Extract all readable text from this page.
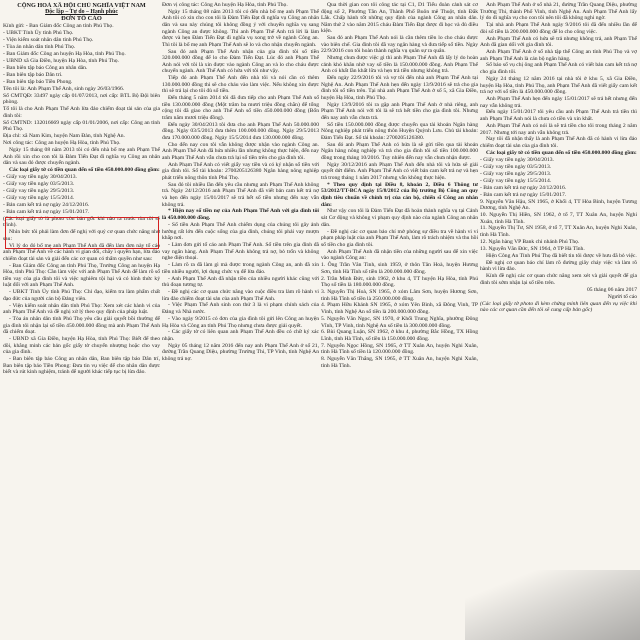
CỘNG HOÀ XÃ HỘI CHỦ NGHĨA VIỆT NAM

Độc lập – Tự do – Hạnh phúc

ĐƠN TỐ CÁO

Kính gửi: - Ban Giám đốc Công an tỉnh Phú Thọ.

- UBKT Tỉnh Ủy tỉnh Phú Thọ.

- Viện kiểm soát nhân dân tỉnh Phú Thọ.

- Tòa án nhân dân tỉnh Phú Thọ.

- Ban Giám đốc Công an huyện Hạ Hòa, tỉnh Phú Thọ.

- UBND xã Gia Điền, huyện Hạ Hòa, tỉnh Phú Thọ.

- Ban biên tập báo Công an nhân dân.

- Ban biên tập báo Dân trí.

- Ban biên tập báo Tiền Phong.

Tên tôi là: Anh Phạm Thế Anh, sinh ngày 26/03/1966.

Số CMTQĐ: 33497 ngày cấp 01/07/2013, nơi cấp: BTL Bộ Đội biên phòng.

Tố tôi là cho Anh Phạm Thế Anh lừa đảo chiếm đoạt tài sản của gia đình tôi:

Số CMTND: 132016669 ngày cấp 01/01/2006, nơi cấp: Công an tỉnh Phú Thọ.

Địa chỉ: xã Nam Kim, huyện Nam Đàn, tỉnh Nghệ An.

Nơi công tác: Công an huyện Hạ Hòa, tỉnh Phú Thọ.

Ngày 15 tháng 08 năm 2013 tôi có đến nhà bố mẹ anh Phạm Thế Anh rồi xin cho con tôi là Đàm Tiến Đạt đi nghĩa vụ Công an nhân dân và sau đó được chuyển ngành.

Các loại giấy tờ có tiền quan đến số tiền 450.000.000 đồng gồm:

- Giấy vay tiền ngày 30/04/2013.

- Giấy vay tiền ngày 03/5/2013.

- Giấy vay tiền ngày 29/5/2013.

- Giấy vay tiền ngày 15/5/2014.

- Bản cam kết trả nợ ngày 24/12/2016.

- Bản cam kết trả nợ ngày 15/01/2017.

(Các loại giấy tờ là photo còn bản gốc khi nào ra trước tòa tôi sẽ trình).

Nhìn bức tôi phải làm đơn để nghị với quý cơ quan chức năng như sau:

Vì lý do đó bố mẹ anh Phạm Thế Anh đã đến làm đơn này tố cáo anh Phạm Thế Anh về các hành vi gian dối, chây ì quyền hạn, lừa đảo chiếm đoạt tài sản và giải đến các cơ quan có thẩm quyền như sau:

- Ban Giám đốc Công an tỉnh Phú Thọ, Trưởng Công an huyện Hạ Hòa, tỉnh Phú Thọ: Cần làm việc với anh Phạm Thế Anh để làm rõ số tiền vay của gia đình tôi và việc nghiêm tội hại và có hình thức kỷ luật đối với anh Phạm Thế Anh.

- UBKT Tỉnh Ủy tỉnh Phú Thọ: Chỉ đạo, kiểm tra làm phẩm chất đạo đức của người cán bộ Đảng viên.

- Viện kiểm soát nhân dân tỉnh Phú Thọ: Xem xét các hành vi của anh Phạm Thế Anh và đề nghị xử lý theo quy định của pháp luật.

- Tòa án nhân dân tỉnh Phú Thọ yêu cầu giải quyết bồi thường để gia đình tôi nhận lại số tiền 450.000.000 đồng mà anh Phạm Thế Anh đã chiếm đoạt.

- UBND xã Gia Điền, huyện Hạ Hòa, tỉnh Phú Thọ: Biết để theo dõi, khẳng minh các bản gốc giấy tờ chuyển nhượng hoặc cho vay của gia đình.

- Ban biên tập báo Công an nhân dân, Ban biên tập báo Dân trí, Ban biên tập báo Tiền Phong: Đưa tin vụ việc để cho nhân dân được biết và rút kinh nghiệm, tránh để người khác tiếp tục bị lừa đảo.

Đơn vị công tác: Công An huyện Hạ Hòa, tỉnh Phú Thọ.

Ngày 15 tháng 08 năm 2013 tôi có đến nhà bố mẹ anh Phạm Thế Anh tôi có xin cho con tôi là Đàm Tiến Đạt đi nghĩa vụ Công an nhân dân và sau này chúng tôi không đồng ý với chuyển nghĩa vụ sang ngành Công an được không. Thì anh Phạm Thế Anh trả lời là làm được và hẹn Đàm Tiến Đạt đi nghĩa vụ xong trở về ngành Công an. Thì tôi là bố mẹ anh Phạm Thế Anh sẽ lo và cho nhận chuyển ngành.

Sau đó anh Phạm Thế Anh nhận của gia đình tôi số tiền 320.000.000 đồng để lo cho Đàm Tiến Đạt. Lúc đó anh Phạm Thế Anh nói với tôi là xin được vào ngành Công an và lo cho cháu được chuyển ngành. Anh Thế Anh có hứa với tôi như vậy.

Tiếp đó anh Phạm Thế Anh đến nhà tôi và nói cần có thêm 130.000.000 đồng thì sẽ cho cháu vào làm việc. Nếu không xin được thì sẽ trả lại cho tôi đủ số tiền.

Đến tháng 5 năm 2014 tôi đã đưa tiếp cho anh Phạm Thế Anh số tiền 130.000.000 đồng (Một trăm ba mươi triệu đồng chẵn) để tổng cộng tôi đã giao cho anh Thế Anh số tiền 450.000.000 đồng (Bốn trăm năm mươi triệu đồng).

Đến ngày 30/04/2013 tôi đưa cho anh Phạm Thế Anh 50.000.000 đồng. Ngày 03/5/2013 đưa thêm 100.000.000 đồng. Ngày 29/5/2013 đưa 170.000.000 đồng. Ngày 15/5/2014 đưa 130.000.000 đồng.

Cho đến nay con tôi vẫn không được nhận vào ngành Công an. Anh Phạm Thế Anh đã hứa nhiều lần nhưng không thực hiện, đến nay anh Phạm Thế Anh vẫn chưa trả lại số tiền trên cho gia đình tôi.

Anh Phạm Thế Anh có viết giấy vay tiền và có ký nhận số tiền với gia đình tôi. Số tài khoản: 2700205126380 Ngân hàng nông nghiệp phát triển nông thôn tỉnh Phú Thọ.

Sau đó tôi nhiều lần đến yêu cầu nhưng anh Phạm Thế Anh không trả. Ngày 24/12/2016 anh Phạm Thế Anh đã viết bản cam kết trả nợ và hẹn đến ngày 15/01/2017 sẽ trả hết số tiền nhưng đến nay vẫn không trả.

* Hiện nay số tiền nợ của Anh Phạm Thế Anh với gia đình tôi là 450.000.000 đồng.

- Số tiền Anh Phạm Thế Anh chiếm dụng của chúng tôi gây ảnh hưởng rất lớn đến cuộc sống của gia đình, chúng tôi phải vay mượn khắp nơi.

- Làm đơn gửi tố cáo anh Phạm Thế Anh. Số tiền trên gia đình đã vay ngân hàng. Anh Phạm Thế Anh không trả nợ, bỏ trốn và không nghe điện thoại.

- Làm rõ ra đã làm gì mà được trong ngành Công an, anh đã xin tiền nhiều người, lợi dụng chức vụ để lừa đảo.

- Anh Phạm Thế Anh đã nhận tiền của nhiều người khác cũng với thủ đoạn tương tự.

- Đề nghị các cơ quan chức năng vào cuộc điều tra làm rõ hành vi lừa đảo chiếm đoạt tài sản của anh Phạm Thế Anh.

- Việc Phạm Thế Anh sinh con thứ 3 là vi phạm chính sách của Đảng và Nhà nước.

- Vào ngày 9/2015 có đơn của gia đình tôi gửi lên Công an huyện Hạ Hòa và Công an tỉnh Phú Thọ nhưng chưa được giải quyết.

- Các giấy tờ có liên quan anh Phạm Thế Anh đều có chữ ký xác nhận.

Ngày 05 tháng 12 năm 2016 đến nay anh Phạm Thế Anh ở số 21, đường Trần Quang Diệu, phường Trường Thi, TP Vinh, tỉnh Nghệ An không trả nợ.

Qua thời gian con tôi công tác tại C1, D1 Tiểu đoàn cảnh sát cơ động số 2, Phường Tân An, Thành Phố Buôn mê Thuột, tỉnh Đắk Lắk. Chấp hành tốt những quy định của ngành Công an nhân dân. Năm thứ 2 vào năm 2015 cháu Đàm Tiến Đạt được đi học và đủ điều kiện.

Sau đó anh Phạm Thế Anh nói là cần thêm tiền lo cho cháu được vào biên chế. Gia đình tôi đã vay ngân hàng và đưa tiếp số tiền. Ngày 22/9/2016 con tôi hoàn thành nghĩa vụ quân sự ra quân.

Nhưng chưa được việc gì thì anh Phạm Thế Anh đã lấy lý do hoàn cảnh khó khăn nhờ vay số tiền là 150.000.000 đồng. Anh Phạm Thế Anh có khất lần khất lữa và hẹn trả tiền nhưng không trả.

Đến ngày 22/9/2016 tôi và vợ tôi đến nhà anh Phạm Thế Anh tại Nghệ An. Anh Phạm Thế Anh hẹn đến ngày 13/9/2016 sẽ trả cho gia đình tôi số tiền trên. Tại nhà anh Phạm Thế Anh ở số 5, xã Gia Điền, huyện Hạ Hòa, tỉnh Phú Thọ.

Ngày 13/9/2016 tôi ra gặp anh Phạm Thế Anh ở nhà riêng, anh Phạm Thế Anh nói với tôi là sẽ trả hết tiền cho gia đình tôi. Nhưng đến nay anh vẫn chưa trả.

Số tiền 150.000.000 đồng được chuyển qua tài khoản Ngân hàng Nông nghiệp phát triển nông thôn Huyện Quỳnh Lưu. Chủ tài khoản: Đàm Tiến Đạt. Số tài khoản: 2700205126380.

Sau đó anh Phạm Thế Anh có hứa là sẽ gửi tiền qua tài khoản Ngân hàng nông nghiệp và trả cho gia đình tôi số tiền 100.000.000 đồng trong tháng 10/2016. Tuy nhiên đến nay vẫn chưa nhận được.

Ngày 30/12/2016 anh Phạm Thế Anh đến nhà tôi và hứa sẽ giải quyết dứt điểm. Anh Phạm Thế Anh có viết bản cam kết trả nợ và hẹn trả trong tháng 1 năm 2017 nhưng vẫn không thực hiện.

* Theo quy định tại Điều 8, khoản 2, Điều 6 Thông tư 53/2012/TT-BCA ngày 15/8/2012 của Bộ trưởng Bộ Công an quy định tiêu chuẩn về chính trị của cán bộ, chiến sĩ Công an nhân dân:

Như vậy con tôi là Đàm Tiến Đạt đã hoàn thành nghĩa vụ tại Cảnh sát Cơ động và không vi phạm quy định nào của ngành Công an nhân dân.

- Đề nghị các cơ quan bảo chí mở phóng sự điều tra về hành vi vi phạm pháp luật của anh Phạm Thế Anh, làm rõ trách nhiệm và thu hồi số tiền cho gia đình tôi.

Anh Phạm Thế Anh đã nhận tiền của những người sau để xin việc vào ngành Công an:

1. Ông Trần Văn Tình, sinh 1959, ở thôn Tân Hoà, huyện Hương Sơn, tỉnh Hà Tĩnh số tiền là 200.000.000 đồng.

2. Trần Minh Đức, sinh 1962, ở khu 4, TT huyện Hạ Hòa, tỉnh Phú Thọ số tiền là 180.000.000 đồng.

3. Nguyễn Thị Hoà, SN 1965, ở xóm Lâm Sơn, huyện Hương Sơn, tỉnh Hà Tĩnh số tiền là 250.000.000 đồng.

4. Phạm Hữu Khánh SN 1965, ở xóm Yên Bình, xã Đông Vinh, TP Vinh, tỉnh Nghệ An số tiền là 200.000.000 đồng.

5. Nguyễn Văn Ngọc, SN 1970, ở Khối Trung Nghĩa, phường Đông Vĩnh, TP Vinh, tỉnh Nghệ An số tiền là 300.000.000 đồng.

6. Bùi Quang Luận, SN 1962, ở khu 4, phường Bắc Hồng, TX Hồng Lĩnh, tỉnh Hà Tĩnh, số tiền là 150.000.000 đồng.

7. Nguyễn Ngọc Hồng, SN 1965, ở TT Xuân An, huyện Nghi Xuân, tỉnh Hà Tĩnh số tiền là 120.000.000 đồng.

8. Nguyễn Văn Thắng, SN 1965, ở TT Xuân An, huyện Nghi Xuân, tỉnh Hà Tĩnh.

Anh Phạm Thế Anh ở số nhà 21, đường Trần Quang Diệu, phường Trường Thi, thành Phố Vinh, tỉnh Nghệ An. Anh Phạm Thế Anh lấy lý do đi nghĩa vụ cho con tôi nên tôi đã không nghi ngờ.

Tại nhà anh Phạm Thế Anh ngày 9/2016 tôi đã đến nhiều lần để đòi số tiền là 200.000.000 đồng để lo cho công việc.

Anh Phạm Thế Anh có hứa sẽ trả nhưng không trả, anh Phạm Thế Anh đã gian dối với gia đình tôi.

Anh Phạm Thế Anh ở số nhà tập thể Công an tỉnh Phú Thọ và vợ anh Phạm Thế Anh là cán bộ ngân hàng.

Số báo số vụ chị ông anh Phạm Thế Anh có viết bản cam kết trả nợ cho gia đình tôi.

Ngày 24 tháng 12 năm 2016 tại nhà tôi ở khu 5, xã Gia Điền, huyện Hạ Hòa, tỉnh Phú Thọ, anh Phạm Thế Anh đã viết giấy cam kết trả nợ với số tiền là 450.000.000 đồng.

Anh Phạm Thế Anh hẹn đến ngày 15/01/2017 sẽ trả hết nhưng đến nay vẫn không trả.

Đến ngày 15/01/2017 tôi yêu cầu anh Phạm Thế Anh trả tiền thì anh Phạm Thế Anh nói là chưa có tiền và xin khất.

Anh Phạm Thế Anh có nói là sẽ trả tiền cho tôi trong tháng 2 năm 2017. Nhưng tới nay anh vẫn không trả.

Nay tôi đã nhận thấy là anh Phạm Thế Anh đã có hành vi lừa đảo chiếm đoạt tài sản của gia đình tôi.

Các loại giấy tờ có tiền quan đến số tiền 450.000.000 đồng gồm:

- Giấy vay tiền ngày 30/04/2013.

- Giấy vay tiền ngày 03/5/2013.

- Giấy vay tiền ngày 29/5/2013.

- Giấy vay tiền ngày 15/5/2014.

- Bản cam kết trả nợ ngày 24/12/2016.

- Bản cam kết trả nợ ngày 15/01/2017.

9. Nguyễn Văn Hậu, SN 1965, ở Khối 4, TT Hòa Bình, huyện Tương Dương, tỉnh Nghệ An.

10. Nguyễn Thị Hiền, SN 1962, ở tổ 7, TT Xuân An, huyện Nghi Xuân, tỉnh Hà Tĩnh.

11. Nguyễn Thị Tư, SN 1958, ở tổ 7, TT Xuân An, huyện Nghi Xuân, tỉnh Hà Tĩnh.

12. Ngân hàng VP Bank chi nhánh Phú Thọ.

13. Nguyễn Văn Đức, SN 1964, ở TP Hà Tĩnh.

Hiện Công An Tỉnh Phú Thọ đã biết tin tôi được về hưu đã bỏ việc.

Đề nghị cơ quan báo chí làm rõ đường giây cháy việc và làm rõ hành vi lừa đảo.

Kính đề nghị các cơ quan chức năng xem xét và giải quyết để gia đình tôi sớm nhận lại số tiền trên.

05 tháng 06 năm 2017

Người tố cáo

(Các loại giấy tờ photo đi kèm chứng minh liên quan đến vụ việc khi nào các cơ quan cần đến tôi sẽ cung cấp bản gốc)
